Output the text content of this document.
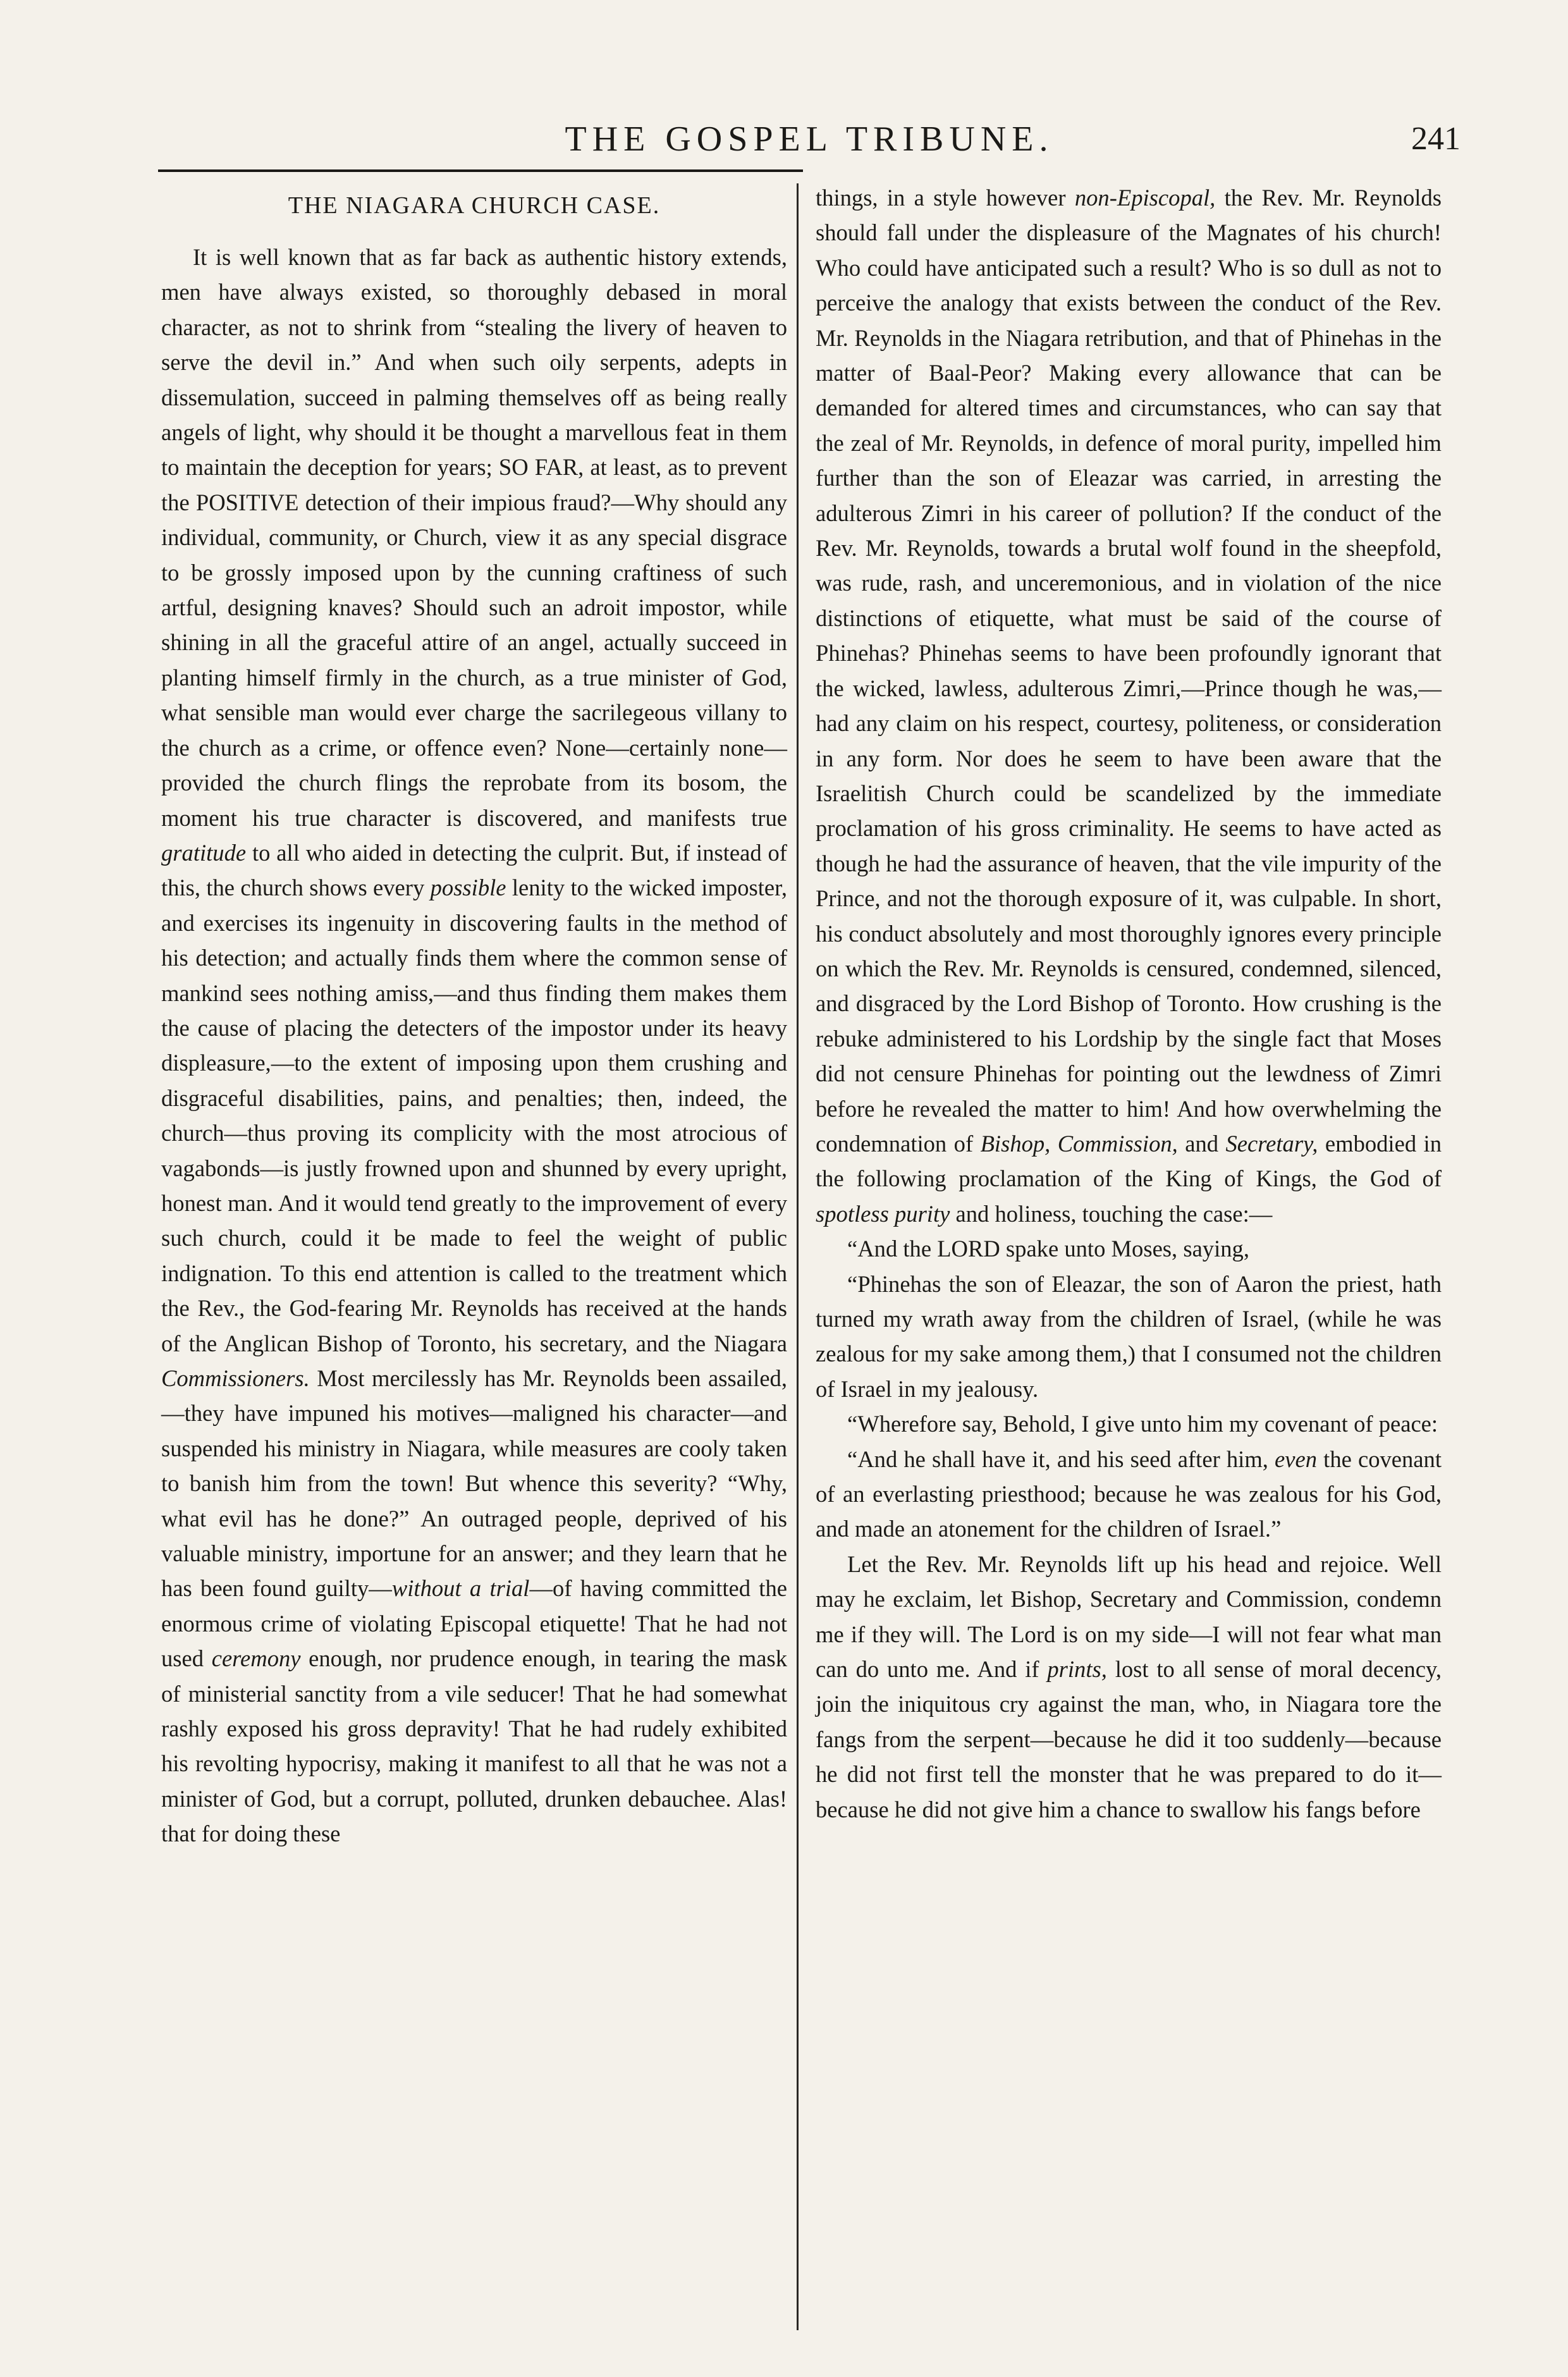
THE GOSPEL TRIBUNE.	241
THE NIAGARA CHURCH CASE.

It is well known that as far back as authentic history extends, men have always existed, so thoroughly debased in moral character, as not to shrink from “stealing the livery of heaven to serve the devil in.” And when such oily serpents, adepts in dissemulation, succeed in palming themselves off as being really angels of light, why should it be thought a marvellous feat in them to maintain the deception for years; SO FAR, at least, as to prevent the POSITIVE detection of their impious fraud?—Why should any individual, community, or Church, view it as any special disgrace to be grossly imposed upon by the cunning craftiness of such artful, designing knaves? Should such an adroit impostor, while shining in all the graceful attire of an angel, actually succeed in planting himself firmly in the church, as a true minister of God, what sensible man would ever charge the sacrilegeous villany to the church as a crime, or offence even? None—certainly none—provided the church flings the reprobate from its bosom, the moment his true character is discovered, and manifests true gratitude to all who aided in detecting the culprit. But, if instead of this, the church shows every possible lenity to the wicked imposter, and exercises its ingenuity in discovering faults in the method of his detection; and actually finds them where the common sense of mankind sees nothing amiss,—and thus finding them makes them the cause of placing the detecters of the impostor under its heavy displeasure,—to the extent of imposing upon them crushing and disgraceful disabilities, pains, and penalties; then, indeed, the church—thus proving its complicity with the most atrocious of vagabonds—is justly frowned upon and shunned by every upright, honest man. And it would tend greatly to the improvement of every such church, could it be made to feel the weight of public indignation. To this end attention is called to the treatment which the Rev., the God-fearing Mr. Reynolds has received at the hands of the Anglican Bishop of Toronto, his secretary, and the Niagara Commissioners. Most mercilessly has Mr. Reynolds been assailed,—they have impuned his motives—maligned his character—and suspended his ministry in Niagara, while measures are cooly taken to banish him from the town! But whence this severity? “Why, what evil has he done?” An outraged people, deprived of his valuable ministry, importune for an answer; and they learn that he has been found guilty—without a trial—of having committed the enormous crime of violating Episcopal etiquette! That he had not used ceremony enough, nor prudence enough, in tearing the mask of ministerial sanctity from a vile seducer! That he had somewhat rashly exposed his gross depravity! That he had rudely exhibited his revolting hypocrisy, making it manifest to all that he was not a minister of God, but a corrupt, polluted, drunken debauchee. Alas! that for doing these

things, in a style however non-Episcopal, the Rev. Mr. Reynolds should fall under the displeasure of the Magnates of his church! Who could have anticipated such a result? Who is so dull as not to perceive the analogy that exists between the conduct of the Rev. Mr. Reynolds in the Niagara retribution, and that of Phinehas in the matter of Baal-Peor? Making every allowance that can be demanded for altered times and circumstances, who can say that the zeal of Mr. Reynolds, in defence of moral purity, impelled him further than the son of Eleazar was carried, in arresting the adulterous Zimri in his career of pollution? If the conduct of the Rev. Mr. Reynolds, towards a brutal wolf found in the sheepfold, was rude, rash, and unceremonious, and in violation of the nice distinctions of etiquette, what must be said of the course of Phinehas? Phinehas seems to have been profoundly ignorant that the wicked, lawless, adulterous Zimri,—Prince though he was,—had any claim on his respect, courtesy, politeness, or consideration in any form. Nor does he seem to have been aware that the Israelitish Church could be scandelized by the immediate proclamation of his gross criminality. He seems to have acted as though he had the assurance of heaven, that the vile impurity of the Prince, and not the thorough exposure of it, was culpable. In short, his conduct absolutely and most thoroughly ignores every principle on which the Rev. Mr. Reynolds is censured, condemned, silenced, and disgraced by the Lord Bishop of Toronto. How crushing is the rebuke administered to his Lordship by the single fact that Moses did not censure Phinehas for pointing out the lewdness of Zimri before he revealed the matter to him! And how overwhelming the condemnation of Bishop, Commission, and Secretary, embodied in the following proclamation of the King of Kings, the God of spotless purity and holiness, touching the case:—

“And the LORD spake unto Moses, saying,

“Phinehas the son of Eleazar, the son of Aaron the priest, hath turned my wrath away from the children of Israel, (while he was zealous for my sake among them,) that I consumed not the children of Israel in my jealousy.

“Wherefore say, Behold, I give unto him my covenant of peace:

“And he shall have it, and his seed after him, even the covenant of an everlasting priesthood; because he was zealous for his God, and made an atonement for the children of Israel.”

Let the Rev. Mr. Reynolds lift up his head and rejoice. Well may he exclaim, let Bishop, Secretary and Commission, condemn me if they will. The Lord is on my side—I will not fear what man can do unto me. And if prints, lost to all sense of moral decency, join the iniquitous cry against the man, who, in Niagara tore the fangs from the serpent—because he did it too suddenly—because he did not first tell the monster that he was prepared to do it—because he did not give him a chance to swallow his fangs before
